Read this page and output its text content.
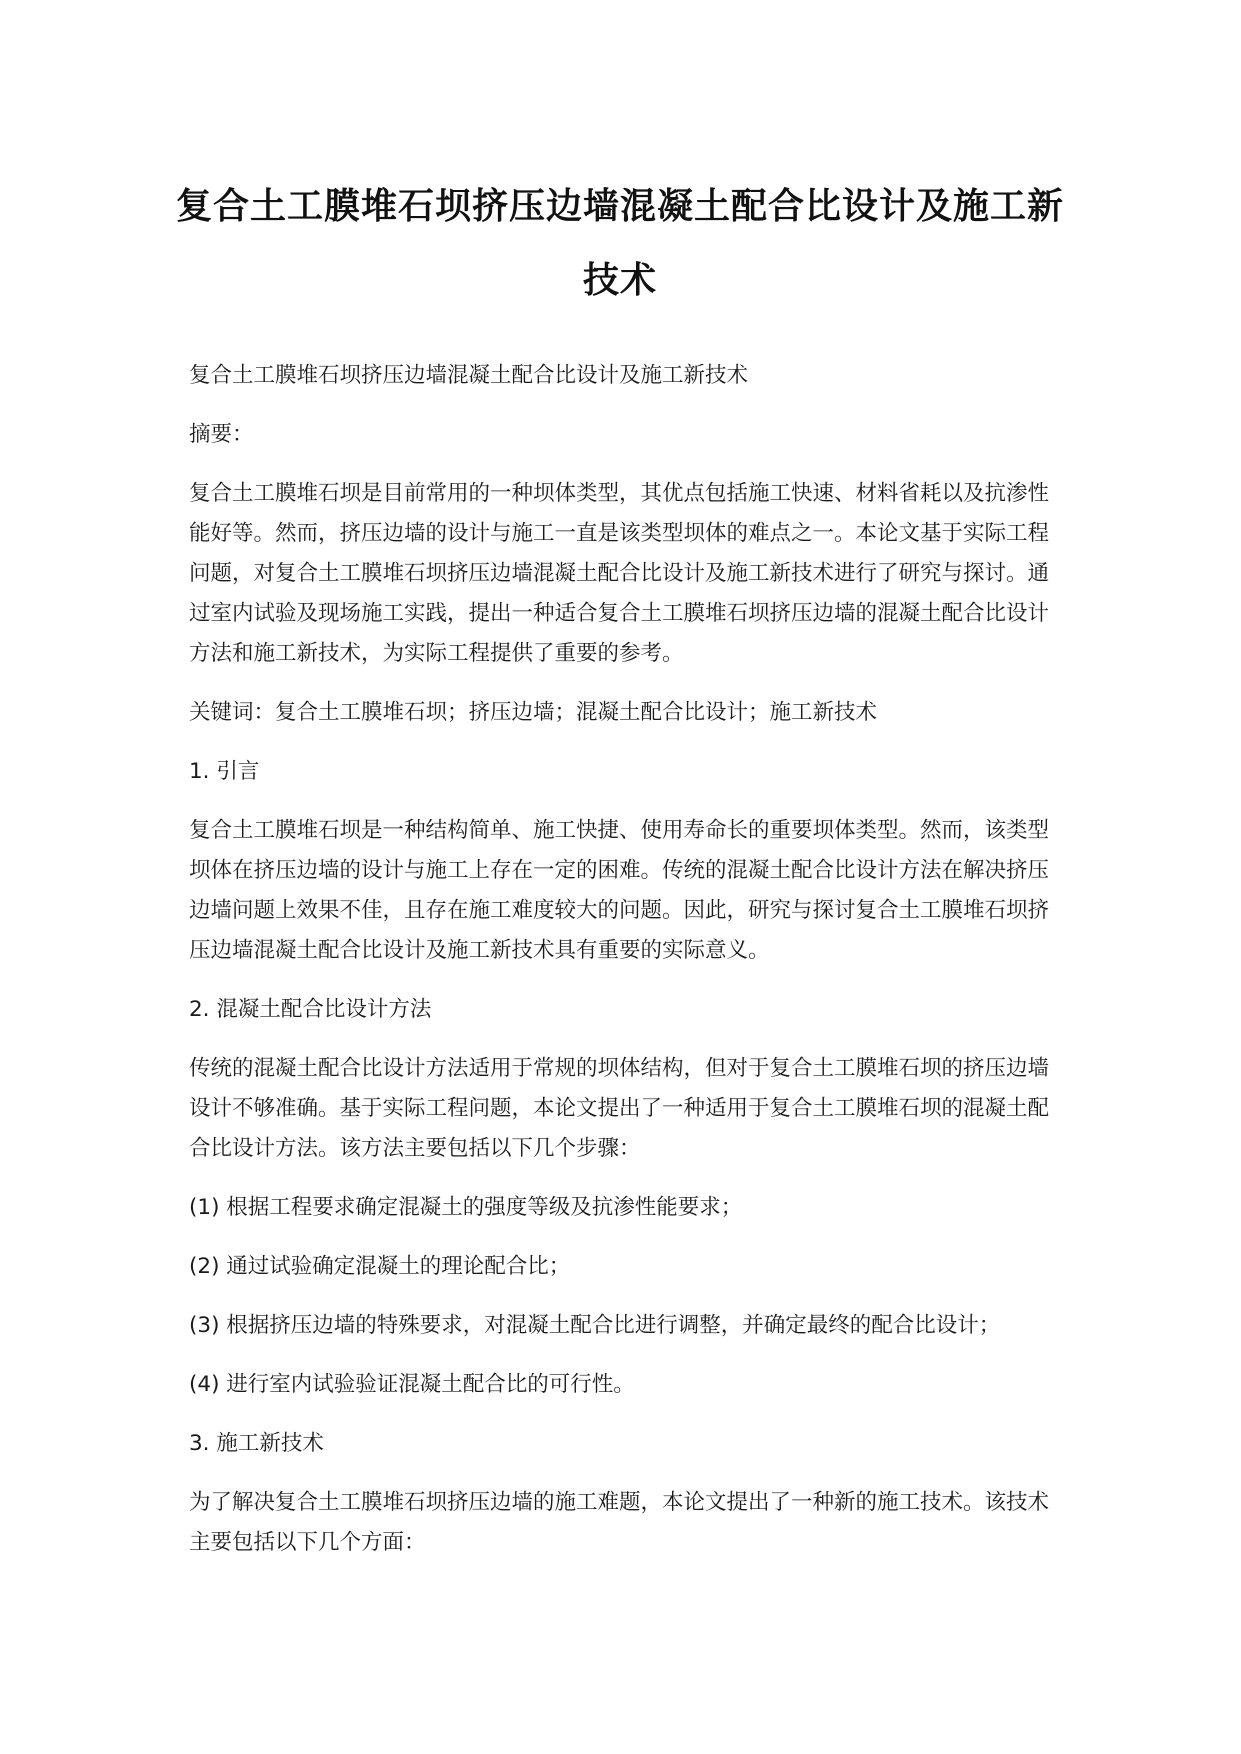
复合土工膜堆石坝挤压边墙混凝土配合比设计及施工新技术

复合土工膜堆石坝挤压边墙混凝土配合比设计及施工新技术

摘要：

复合土工膜堆石坝是目前常用的一种坝体类型，其优点包括施工快速、材料省耗以及抗渗性能好等。然而，挤压边墙的设计与施工一直是该类型坝体的难点之一。本论文基于实际工程问题，对复合土工膜堆石坝挤压边墙混凝土配合比设计及施工新技术进行了研究与探讨。通过室内试验及现场施工实践，提出一种适合复合土工膜堆石坝挤压边墙的混凝土配合比设计方法和施工新技术，为实际工程提供了重要的参考。

关键词：复合土工膜堆石坝；挤压边墙；混凝土配合比设计；施工新技术

1. 引言

复合土工膜堆石坝是一种结构简单、施工快捷、使用寿命长的重要坝体类型。然而，该类型坝体在挤压边墙的设计与施工上存在一定的困难。传统的混凝土配合比设计方法在解决挤压边墙问题上效果不佳，且存在施工难度较大的问题。因此，研究与探讨复合土工膜堆石坝挤压边墙混凝土配合比设计及施工新技术具有重要的实际意义。

2. 混凝土配合比设计方法

传统的混凝土配合比设计方法适用于常规的坝体结构，但对于复合土工膜堆石坝的挤压边墙设计不够准确。基于实际工程问题，本论文提出了一种适用于复合土工膜堆石坝的混凝土配合比设计方法。该方法主要包括以下几个步骤：

(1) 根据工程要求确定混凝土的强度等级及抗渗性能要求；

(2) 通过试验确定混凝土的理论配合比；

(3) 根据挤压边墙的特殊要求，对混凝土配合比进行调整，并确定最终的配合比设计；

(4) 进行室内试验验证混凝土配合比的可行性。

3. 施工新技术

为了解决复合土工膜堆石坝挤压边墙的施工难题，本论文提出了一种新的施工技术。该技术主要包括以下几个方面：
